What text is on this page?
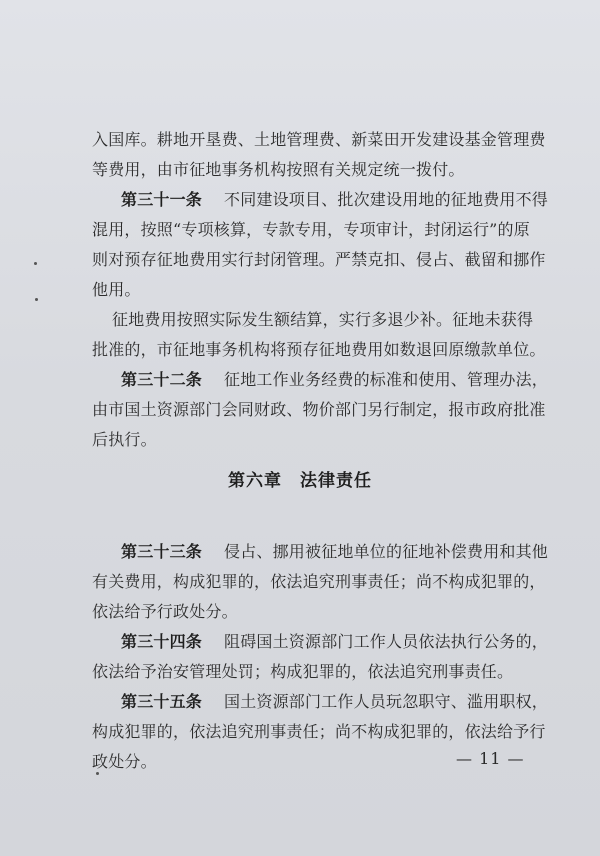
入国库。耕地开垦费、土地管理费、新菜田开发建设基金管理费
等费用，由市征地事务机构按照有关规定统一拨付。
第三十一条 不同建设项目、批次建设用地的征地费用不得
混用，按照“专项核算，专款专用，专项审计，封闭运行”的原
则对预存征地费用实行封闭管理。严禁克扣、侵占、截留和挪作
他用。
征地费用按照实际发生额结算，实行多退少补。征地未获得
批准的，市征地事务机构将预存征地费用如数退回原缴款单位。
第三十二条 征地工作业务经费的标准和使用、管理办法，
由市国土资源部门会同财政、物价部门另行制定，报市政府批准
后执行。
第六章　法律责任
第三十三条 侵占、挪用被征地单位的征地补偿费用和其他
有关费用，构成犯罪的，依法追究刑事责任；尚不构成犯罪的，
依法给予行政处分。
第三十四条 阻碍国土资源部门工作人员依法执行公务的，
依法给予治安管理处罚；构成犯罪的，依法追究刑事责任。
第三十五条 国土资源部门工作人员玩忽职守、滥用职权，
构成犯罪的，依法追究刑事责任；尚不构成犯罪的，依法给予行
政处分。	— 11 —
